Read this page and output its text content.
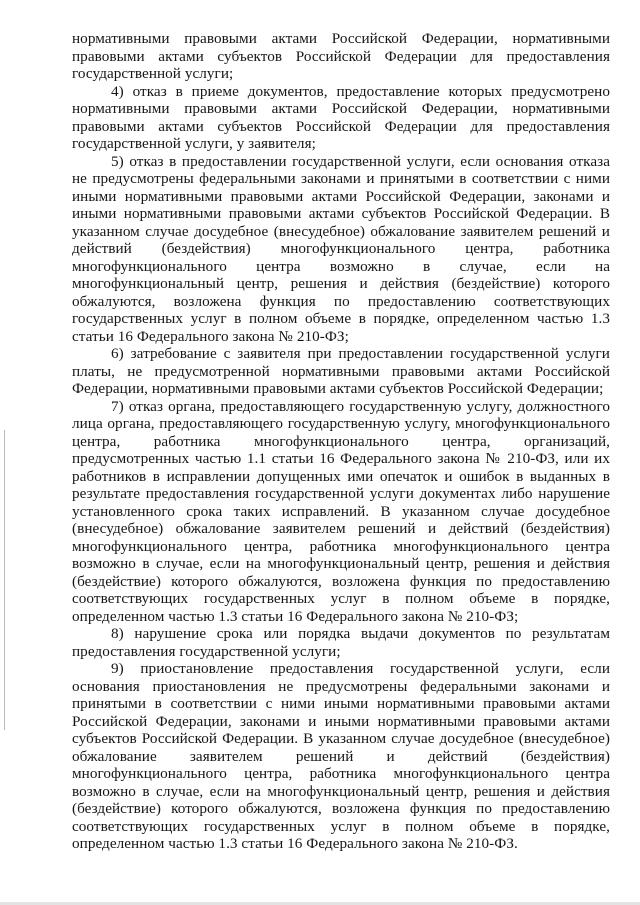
нормативными правовыми актами Российской Федерации, нормативными правовыми актами субъектов Российской Федерации для предоставления государственной услуги;

4) отказ в приеме документов, предоставление которых предусмотрено нормативными правовыми актами Российской Федерации, нормативными правовыми актами субъектов Российской Федерации для предоставления государственной услуги, у заявителя;

5) отказ в предоставлении государственной услуги, если основания отказа не предусмотрены федеральными законами и принятыми в соответствии с ними иными нормативными правовыми актами Российской Федерации, законами и иными нормативными правовыми актами субъектов Российской Федерации. В указанном случае досудебное (внесудебное) обжалование заявителем решений и действий (бездействия) многофункционального центра, работника многофункционального центра возможно в случае, если на многофункциональный центр, решения и действия (бездействие) которого обжалуются, возложена функция по предоставлению соответствующих государственных услуг в полном объеме в порядке, определенном частью 1.3 статьи 16 Федерального закона № 210-ФЗ;

6) затребование с заявителя при предоставлении государственной услуги платы, не предусмотренной нормативными правовыми актами Российской Федерации, нормативными правовыми актами субъектов Российской Федерации;

7) отказ органа, предоставляющего государственную услугу, должностного лица органа, предоставляющего государственную услугу, многофункционального центра, работника многофункционального центра, организаций, предусмотренных частью 1.1 статьи 16 Федерального закона № 210-ФЗ, или их работников в исправлении допущенных ими опечаток и ошибок в выданных в результате предоставления государственной услуги документах либо нарушение установленного срока таких исправлений. В указанном случае досудебное (внесудебное) обжалование заявителем решений и действий (бездействия) многофункционального центра, работника многофункционального центра возможно в случае, если на многофункциональный центр, решения и действия (бездействие) которого обжалуются, возложена функция по предоставлению соответствующих государственных услуг в полном объеме в порядке, определенном частью 1.3 статьи 16 Федерального закона № 210-ФЗ;

8) нарушение срока или порядка выдачи документов по результатам предоставления государственной услуги;

9) приостановление предоставления государственной услуги, если основания приостановления не предусмотрены федеральными законами и принятыми в соответствии с ними иными нормативными правовыми актами Российской Федерации, законами и иными нормативными правовыми актами субъектов Российской Федерации. В указанном случае досудебное (внесудебное) обжалование заявителем решений и действий (бездействия) многофункционального центра, работника многофункционального центра возможно в случае, если на многофункциональный центр, решения и действия (бездействие) которого обжалуются, возложена функция по предоставлению соответствующих государственных услуг в полном объеме в порядке, определенном частью 1.3 статьи 16 Федерального закона № 210-ФЗ.
